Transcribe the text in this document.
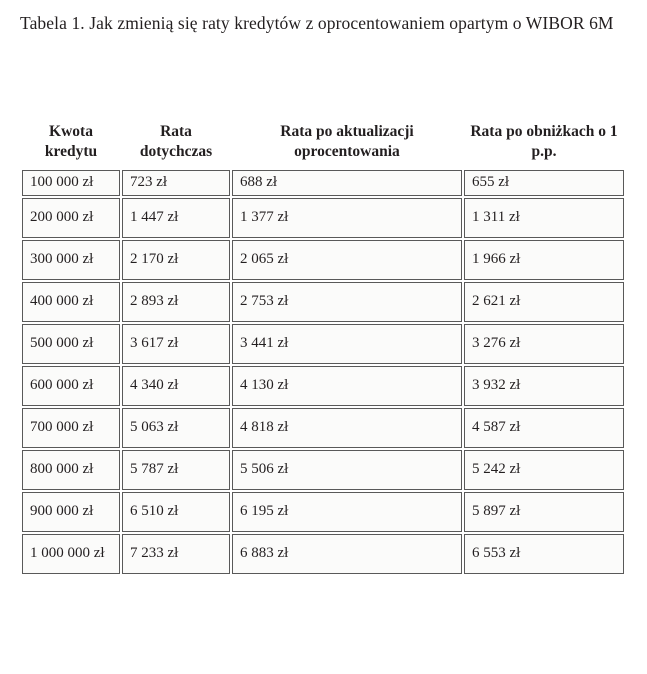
Tabela 1. Jak zmienią się raty kredytów z oprocentowaniem opartym o WIBOR 6M
Kwota kredytu	Rata dotychczas	Rata po aktualizacji oprocentowania	Rata po obniżkach o 1 p.p.
100 000 zł	723 zł	688 zł	655 zł
200 000 zł	1 447 zł	1 377 zł	1 311 zł
300 000 zł	2 170 zł	2 065 zł	1 966 zł
400 000 zł	2 893 zł	2 753 zł	2 621 zł
500 000 zł	3 617 zł	3 441 zł	3 276 zł
600 000 zł	4 340 zł	4 130 zł	3 932 zł
700 000 zł	5 063 zł	4 818 zł	4 587 zł
800 000 zł	5 787 zł	5 506 zł	5 242 zł
900 000 zł	6 510 zł	6 195 zł	5 897 zł
1 000 000 zł	7 233 zł	6 883 zł	6 553 zł
